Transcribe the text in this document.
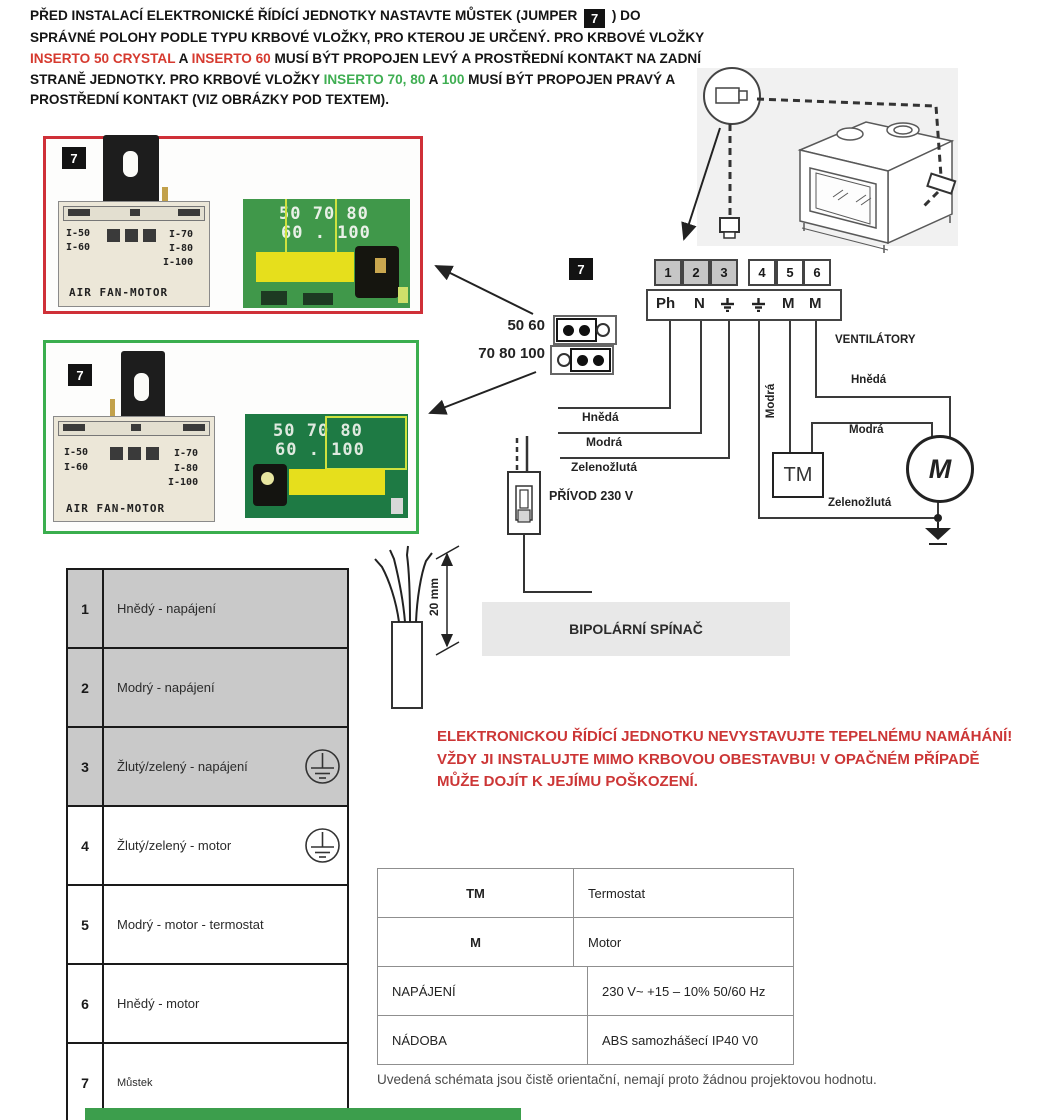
PŘED INSTALACÍ ELEKTRONICKÉ ŘÍDÍCÍ JEDNOTKY NASTAVTE MŮSTEK (JUMPER 7 ) DO SPRÁVNÉ POLOHY PODLE TYPU KRBOVÉ VLOŽKY, PRO KTEROU JE URČENÝ. PRO KRBOVÉ VLOŽKY INSERTO 50 CRYSTAL A INSERTO 60 MUSÍ BÝT PROPOJEN LEVÝ A PROSTŘEDNÍ KONTAKT NA ZADNÍ STRANĚ JEDNOTKY. PRO KRBOVÉ VLOŽKY INSERTO 70, 80 A 100 MUSÍ BÝT PROPOJEN PRAVÝ A PROSTŘEDNÍ KONTAKT (VIZ OBRÁZKY POD TEXTEM).
7
I-50
I-60
I-70
I-80
I-100
AIR FAN-MOTOR
50 70 80
60 . 100
7
I-50
I-60
I-70
I-80
I-100
AIR FAN-MOTOR
50 70 80
60 . 100
7
50 60
70 80 100
1	2	3	4	5	6
Ph N	M M
Hnědá
Modrá
Zelenožlutá
PŘÍVOD 230 V
VENTILÁTORY
Modrá
Hnědá
Modrá
Zelenožlutá
20 mm
TM	M
BIPOLÁRNÍ SPÍNAČ
1	Hnědý - napájení
2	Modrý - napájení
3	Žlutý/zelený - napájení
4	Žlutý/zelený - motor
5	Modrý - motor - termostat
6	Hnědý - motor
7	Můstek
ELEKTRONICKOU ŘÍDÍCÍ JEDNOTKU NEVYSTAVUJTE TEPELNÉMU NAMÁHÁNÍ! VŽDY JI INSTALUJTE MIMO KRBOVOU OBESTAVBU! V OPAČNÉM PŘÍPADĚ MŮŽE DOJÍT K JEJÍMU POŠKOZENÍ.
TM	Termostat
M	Motor
NAPÁJENÍ	230 V~ +15 – 10% 50/60 Hz
NÁDOBA	ABS samozhášecí IP40 V0
Uvedená schémata jsou čistě orientační, nemají proto žádnou projektovou hodnotu.
